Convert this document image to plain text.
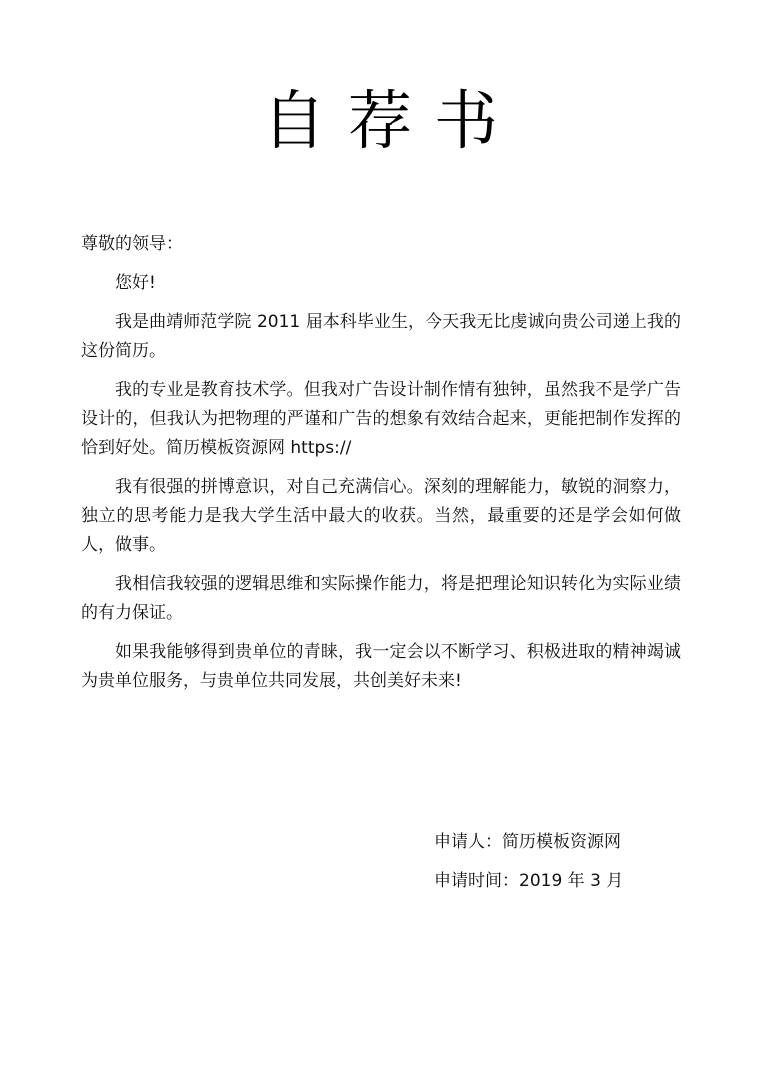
自荐书

尊敬的领导：

您好!

我是曲靖师范学院 2011 届本科毕业生，今天我无比虔诚向贵公司递上我的这份简历。

我的专业是教育技术学。但我对广告设计制作情有独钟，虽然我不是学广告设计的，但我认为把物理的严谨和广告的想象有效结合起来，更能把制作发挥的恰到好处。简历模板资源网 https://

我有很强的拼博意识，对自己充满信心。深刻的理解能力，敏锐的洞察力，独立的思考能力是我大学生活中最大的收获。当然，最重要的还是学会如何做人，做事。

我相信我较强的逻辑思维和实际操作能力，将是把理论知识转化为实际业绩的有力保证。

如果我能够得到贵单位的青睐，我一定会以不断学习、积极进取的精神竭诚为贵单位服务，与贵单位共同发展，共创美好未来!

申请人：简历模板资源网
申请时间：2019 年 3 月
